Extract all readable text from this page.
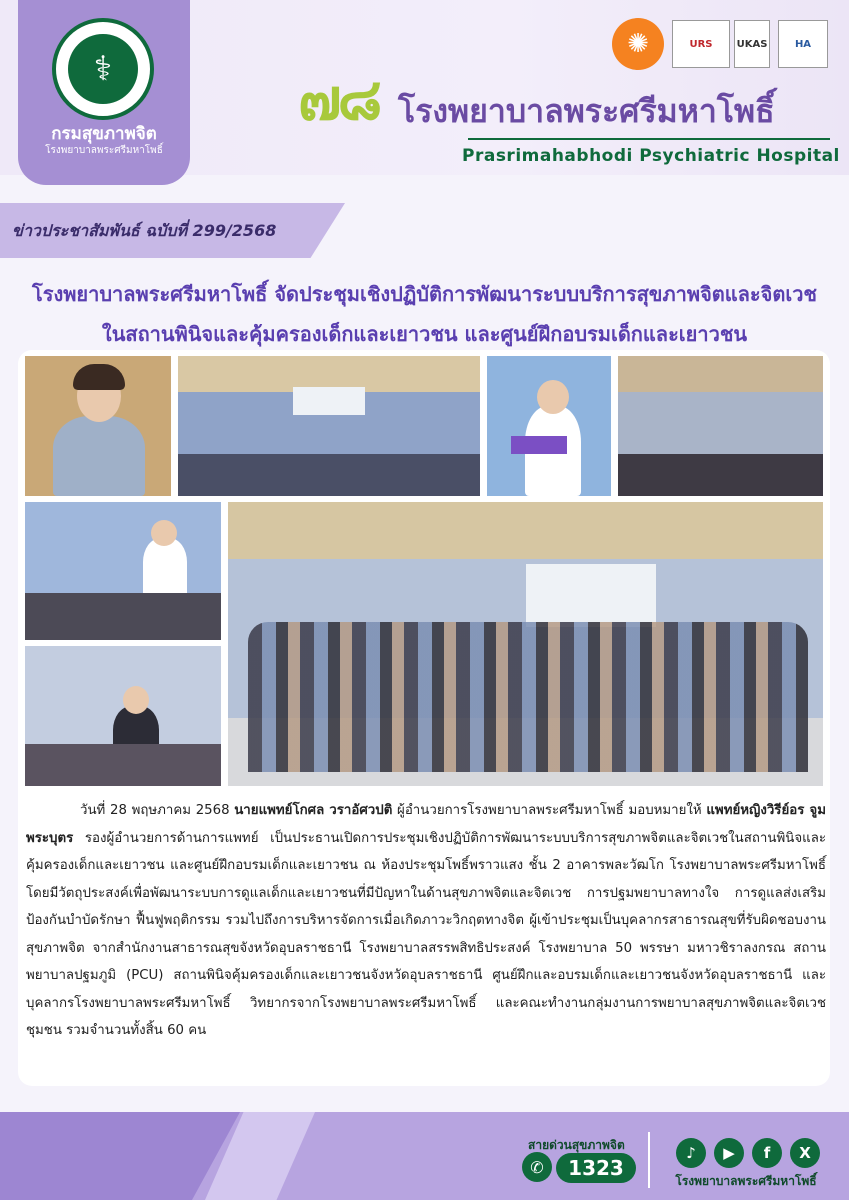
⚕
กรมสุขภาพจิต
โรงพยาบาลพระศรีมหาโพธิ์
๗๘ โรงพยาบาลพระศรีมหาโพธิ์
Prasrimahabhodi Psychiatric Hospital
✺	URS	UKAS	HA
ข่าวประชาสัมพันธ์ ฉบับที่ 299/2568
โรงพยาบาลพระศรีมหาโพธิ์ จัดประชุมเชิงปฏิบัติการพัฒนาระบบบริการสุขภาพจิตและจิตเวช
ในสถานพินิจและคุ้มครองเด็กและเยาวชน และศูนย์ฝึกอบรมเด็กและเยาวชน

วันที่ 28 พฤษภาคม 2568 นายแพทย์โกศล วราอัศวปติ ผู้อำนวยการโรงพยาบาลพระศรีมหาโพธิ์ มอบหมายให้ แพทย์หญิงวิรีย์อร จูมพระบุตร รองผู้อำนวยการด้านการแพทย์ เป็นประธานเปิดการประชุมเชิงปฏิบัติการพัฒนาระบบบริการสุขภาพจิตและจิตเวชในสถานพินิจและคุ้มครองเด็กและเยาวชน และศูนย์ฝึกอบรมเด็กและเยาวชน ณ ห้องประชุมโพธิ์พราวแสง ชั้น 2 อาคารพละวัฒโก โรงพยาบาลพระศรีมหาโพธิ์ โดยมีวัตถุประสงค์เพื่อพัฒนาระบบการดูแลเด็กและเยาวชนที่มีปัญหาในด้านสุขภาพจิตและจิตเวช การปฐมพยาบาลทางใจ การดูแลส่งเสริมป้องกันบำบัดรักษา ฟื้นฟูพฤติกรรม รวมไปถึงการบริหารจัดการเมื่อเกิดภาวะวิกฤตทางจิต ผู้เข้าประชุมเป็นบุคลากรสาธารณสุขที่รับผิดชอบงานสุขภาพจิต จากสำนักงานสาธารณสุขจังหวัดอุบลราชธานี โรงพยาบาลสรรพสิทธิประสงค์ โรงพยาบาล 50 พรรษา มหาวชิราลงกรณ สถานพยาบาลปฐมภูมิ (PCU) สถานพินิจคุ้มครองเด็กและเยาวชนจังหวัดอุบลราชธานี ศูนย์ฝึกและอบรมเด็กและเยาวชนจังหวัดอุบลราชธานี และบุคลากรโรงพยาบาลพระศรีมหาโพธิ์ วิทยากรจากโรงพยาบาลพระศรีมหาโพธิ์ และคณะทำงานกลุ่มงานการพยาบาลสุขภาพจิตและจิตเวชชุมชน รวมจำนวนทั้งสิ้น 60 คน

สายด่วนสุขภาพจิต
✆	1323
♪	▶	f	X
โรงพยาบาลพระศรีมหาโพธิ์
